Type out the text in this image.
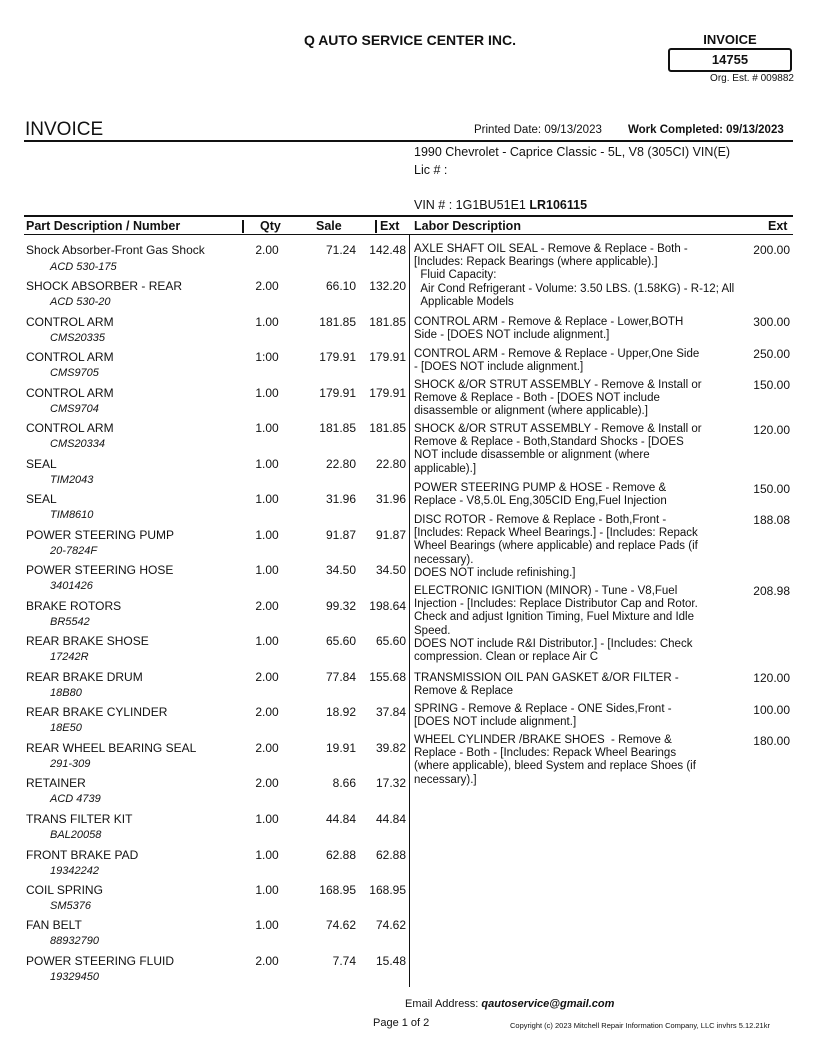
Q AUTO SERVICE CENTER INC.	INVOICE
14755
Org. Est. # 009882
INVOICE	Printed Date: 09/13/2023 Work Completed: 09/13/2023
1990 Chevrolet - Caprice Classic - 5L, V8 (305CI) VIN(E)
Lic # :
VIN # : 1G1BU51E1 LR106115
Part Description / Number	Qty	Sale	Ext Labor Description	Ext
Shock Absorber-Front Gas Shock
ACD 530-175
2.00	71.24	142.48
SHOCK ABSORBER - REAR
ACD 530-20
2.00	66.10	132.20
CONTROL ARM
CMS20335
1.00	181.85	181.85
CONTROL ARM
CMS9705
1:00	179.91	179.91
CONTROL ARM
CMS9704
1.00	179.91	179.91
CONTROL ARM
CMS20334
1.00	181.85	181.85
SEAL
TIM2043
1.00	22.80	22.80
SEAL
TIM8610
1.00	31.96	31.96
POWER STEERING PUMP
20-7824F
1.00	91.87	91.87
POWER STEERING HOSE
3401426
1.00	34.50	34.50
BRAKE ROTORS
BR5542
2.00	99.32	198.64
REAR BRAKE SHOSE
17242R
1.00	65.60	65.60
REAR BRAKE DRUM
18B80
2.00	77.84	155.68
REAR BRAKE CYLINDER
18E50
2.00	18.92	37.84
REAR WHEEL BEARING SEAL
291-309
2.00	19.91	39.82
RETAINER
ACD 4739
2.00	8.66	17.32
TRANS FILTER KIT
BAL20058
1.00	44.84	44.84
FRONT BRAKE PAD
19342242
1.00	62.88	62.88
COIL SPRING
SM5376
1.00	168.95	168.95
FAN BELT
88932790
1.00	74.62	74.62
POWER STEERING FLUID
19329450
2.00	7.74	15.48
AXLE SHAFT OIL SEAL - Remove & Replace - Both -
[Includes: Repack Bearings (where applicable).]
Fluid Capacity:
Air Cond Refrigerant - Volume: 3.50 LBS. (1.58KG) - R-12; All
Applicable Models
200.00
CONTROL ARM - Remove & Replace - Lower,BOTH
Side - [DOES NOT include alignment.]
300.00
CONTROL ARM - Remove & Replace - Upper,One Side
- [DOES NOT include alignment.]
250.00
SHOCK &/OR STRUT ASSEMBLY - Remove & Install or
Remove & Replace - Both - [DOES NOT include
disassemble or alignment (where applicable).]
150.00
SHOCK &/OR STRUT ASSEMBLY - Remove & Install or
Remove & Replace - Both,Standard Shocks - [DOES
NOT include disassemble or alignment (where
applicable).]
120.00
POWER STEERING PUMP & HOSE - Remove &
Replace - V8,5.0L Eng,305CID Eng,Fuel Injection
150.00
DISC ROTOR - Remove & Replace - Both,Front -
[Includes: Repack Wheel Bearings.] - [Includes: Repack
Wheel Bearings (where applicable) and replace Pads (if
necessary).
DOES NOT include refinishing.]
188.08
ELECTRONIC IGNITION (MINOR) - Tune - V8,Fuel
Injection - [Includes: Replace Distributor Cap and Rotor.
Check and adjust Ignition Timing, Fuel Mixture and Idle
Speed.
DOES NOT include R&I Distributor.] - [Includes: Check
compression. Clean or replace Air C
208.98
TRANSMISSION OIL PAN GASKET &/OR FILTER -
Remove & Replace
120.00
SPRING - Remove & Replace - ONE Sides,Front -
[DOES NOT include alignment.]
100.00
WHEEL CYLINDER /BRAKE SHOES  - Remove &
Replace - Both - [Includes: Repack Wheel Bearings
(where applicable), bleed System and replace Shoes (if
necessary).]
180.00
Email Address: qautoservice@gmail.com
Page 1 of 2	Copyright (c) 2023 Mitchell Repair Information Company, LLC invhrs 5.12.21kr
